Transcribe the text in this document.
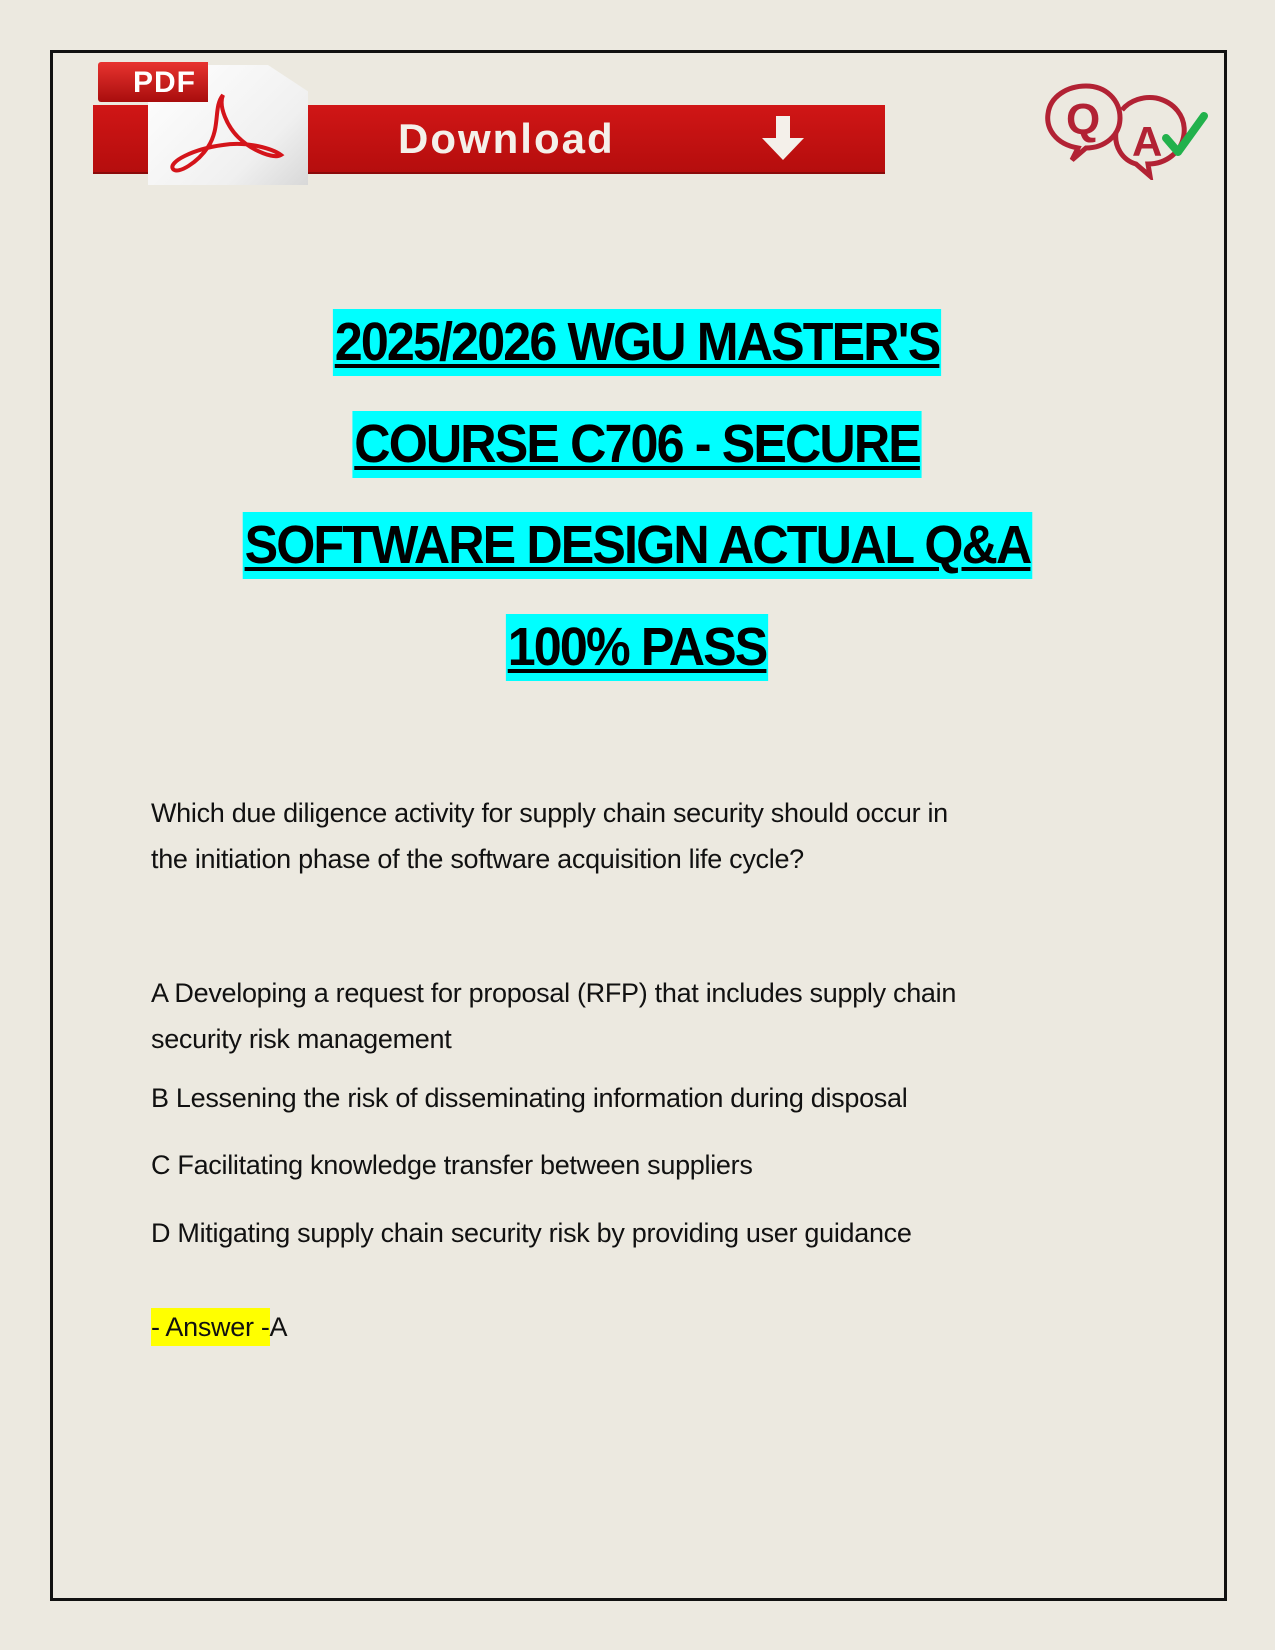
PDF
Download	Q A
2025/2026 WGU MASTER'S
COURSE C706 - SECURE
SOFTWARE DESIGN ACTUAL Q&A
100% PASS

Which due diligence activity for supply chain security should occur in
the initiation phase of the software acquisition life cycle?

A Developing a request for proposal (RFP) that includes supply chain
security risk management

B Lessening the risk of disseminating information during disposal

C Facilitating knowledge transfer between suppliers

D Mitigating supply chain security risk by providing user guidance

- Answer -A
